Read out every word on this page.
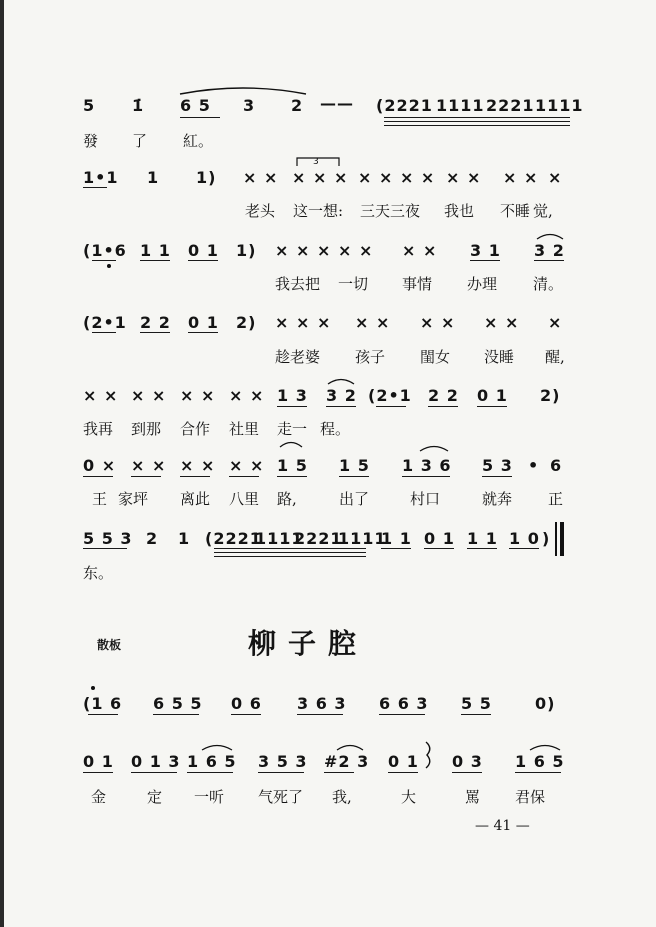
5 1̇ 6 5 3 2 —— (2221 1111 2221 1111
發 了 紅。
1•1 1 1) × × × × × × × × × × × × × ×
3
老头 这一想: 三天三夜 我也 不睡 觉,
(1•6 1 1 0 1 1) × × × × × × × 3 1 3 2
我去把 一切 事情 办理 清。
(2•1 2 2 0 1 2) × × × × × × × × × ×
趁老婆 孩子 閨女 没睡 醒,
× × × × × × × × 1 3 3 2 (2•1 2 2 0 1 2)
我再 到那 合作 社里 走一 程。
0 × × × × × × × 1 5 1 5 1 3 6 5 3 • 6
王 家坪 离此 八里 路,	出了	村口	就奔 正
5 5 3 2 1 (2221
1111
2221
1111
1 1 0 1 1 1 1 0 )
东。
散板	柳子腔
(1 6 6 5 5 0 6 3 6 3 6 6 3 5 5	0)
0 1 0 1 3 1 6 5 3 5 3 #2 3 0 1 0 3 1 6 5
金	定 一听 气死了 我,	大	罵 君保
— 41 —
